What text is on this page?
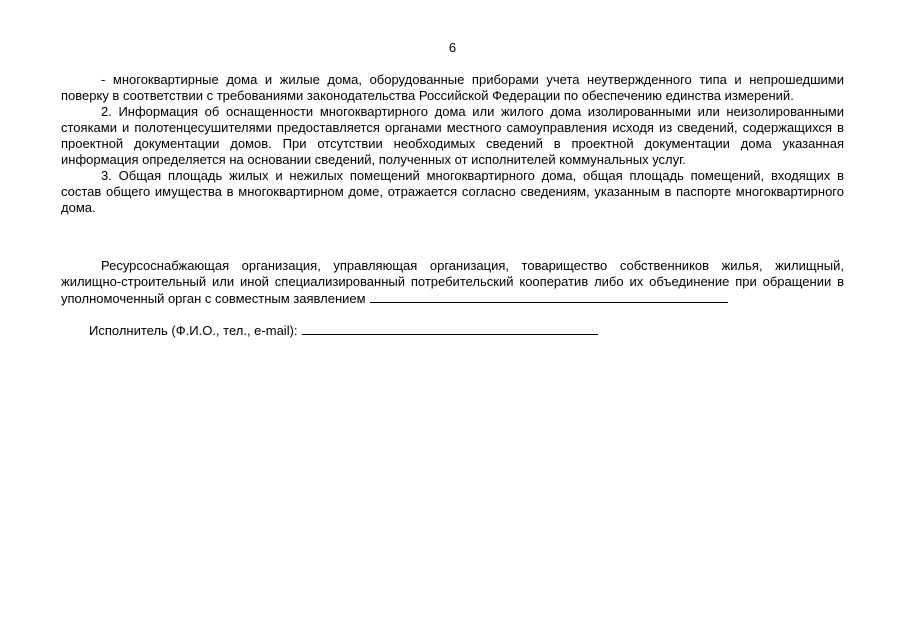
6

- многоквартирные дома и жилые дома, оборудованные приборами учета неутвержденного типа и непрошедшими поверку в соответствии с требованиями законодательства Российской Федерации по обеспечению единства измерений.

2. Информация об оснащенности многоквартирного дома или жилого дома изолированными или неизолированными стояками и полотенцесушителями предоставляется органами местного самоуправления исходя из сведений, содержащихся в проектной документации домов. При отсутствии необходимых сведений в проектной документации дома указанная информация определяется на основании сведений, полученных от исполнителей коммунальных услуг.

3. Общая площадь жилых и нежилых помещений многоквартирного дома, общая площадь помещений, входящих в состав общего имущества в многоквартирном доме, отражается согласно сведениям, указанным в паспорте многоквартирного дома.

Ресурсоснабжающая организация, управляющая организация, товарищество собственников жилья, жилищный, жилищно-строительный или иной специализированный потребительский кооператив либо их объединение при обращении в уполномоченный орган с совместным заявлением

Исполнитель (Ф.И.О., тел., e-mail):
